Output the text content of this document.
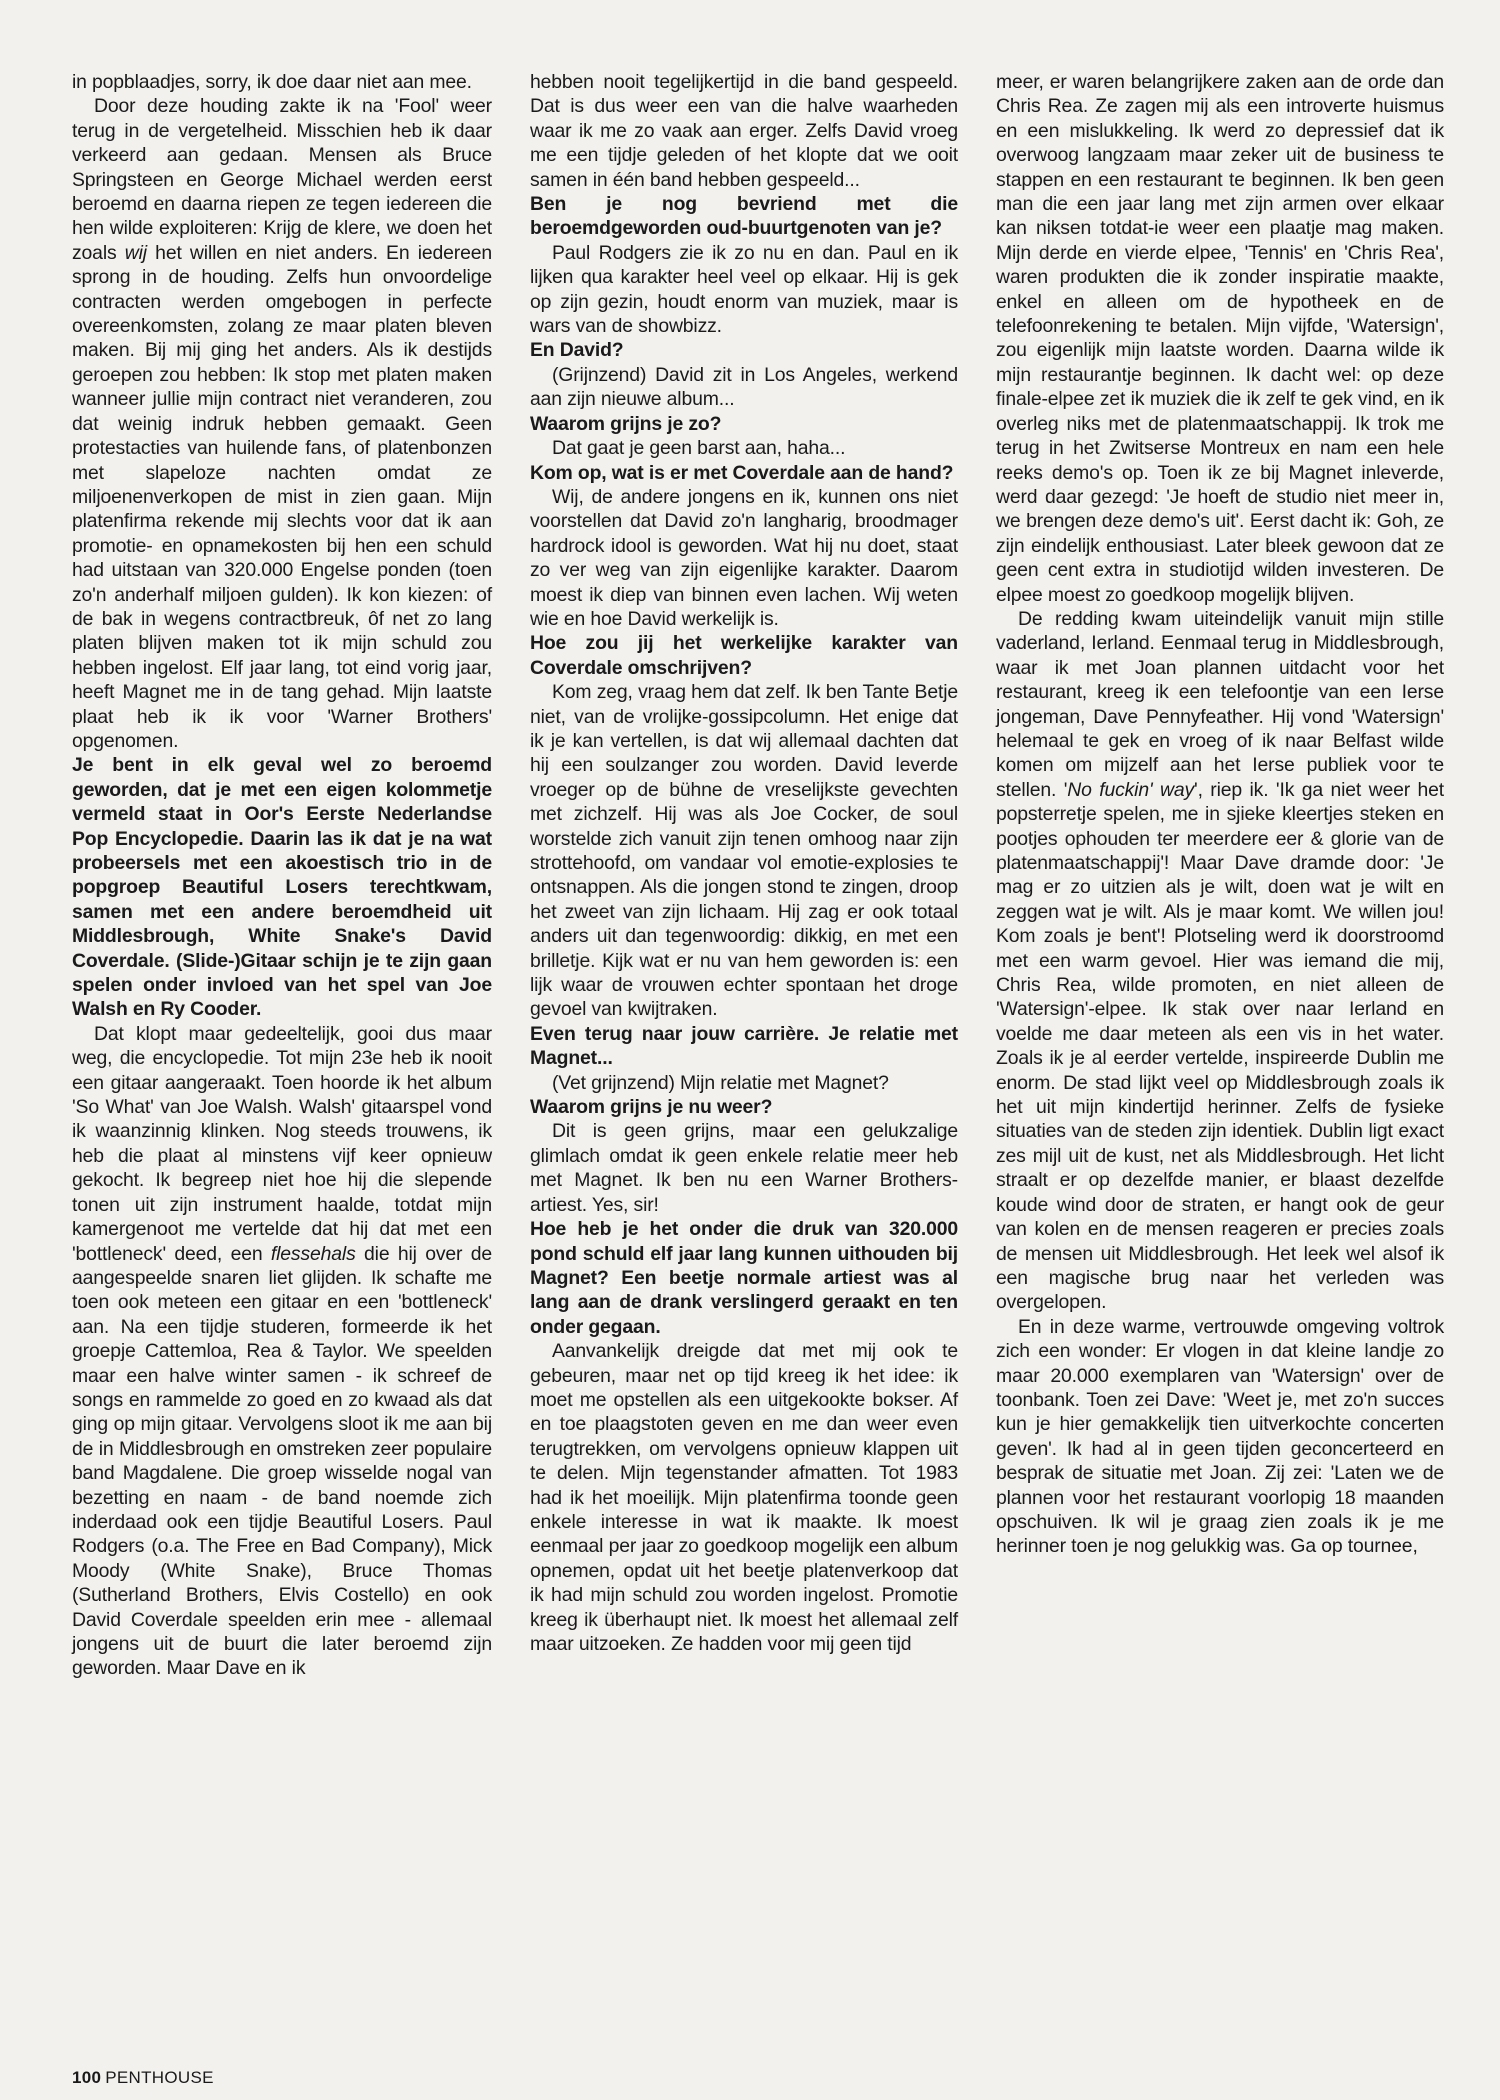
in popblaadjes, sorry, ik doe daar niet aan mee.

Door deze houding zakte ik na 'Fool' weer terug in de vergetelheid. Misschien heb ik daar verkeerd aan gedaan. Mensen als Bruce Springsteen en George Michael werden eerst beroemd en daarna riepen ze tegen iedereen die hen wilde exploiteren: Krijg de klere, we doen het zoals wij het willen en niet anders. En iedereen sprong in de houding. Zelfs hun onvoordelige contracten werden omgebogen in perfecte overeenkomsten, zolang ze maar platen bleven maken. Bij mij ging het anders. Als ik destijds geroepen zou hebben: Ik stop met platen maken wanneer jullie mijn contract niet veranderen, zou dat weinig indruk hebben gemaakt. Geen protestacties van huilende fans, of platenbonzen met slapeloze nachten omdat ze miljoenenverkopen de mist in zien gaan. Mijn platenfirma rekende mij slechts voor dat ik aan promotie- en opnamekosten bij hen een schuld had uitstaan van 320.000 Engelse ponden (toen zo'n anderhalf miljoen gulden). Ik kon kiezen: of de bak in wegens contractbreuk, ôf net zo lang platen blijven maken tot ik mijn schuld zou hebben ingelost. Elf jaar lang, tot eind vorig jaar, heeft Magnet me in de tang gehad. Mijn laatste plaat heb ik ik voor 'Warner Brothers' opgenomen.

Je bent in elk geval wel zo beroemd geworden, dat je met een eigen kolommetje vermeld staat in Oor's Eerste Nederlandse Pop Encyclopedie. Daarin las ik dat je na wat probeersels met een akoestisch trio in de popgroep Beautiful Losers terechtkwam, samen met een andere beroemdheid uit Middlesbrough, White Snake's David Coverdale. (Slide-)Gitaar schijn je te zijn gaan spelen onder invloed van het spel van Joe Walsh en Ry Cooder.

Dat klopt maar gedeeltelijk, gooi dus maar weg, die encyclopedie. Tot mijn 23e heb ik nooit een gitaar aangeraakt. Toen hoorde ik het album 'So What' van Joe Walsh. Walsh' gitaarspel vond ik waanzinnig klinken. Nog steeds trouwens, ik heb die plaat al minstens vijf keer opnieuw gekocht. Ik begreep niet hoe hij die slepende tonen uit zijn instrument haalde, totdat mijn kamergenoot me vertelde dat hij dat met een 'bottleneck' deed, een flessehals die hij over de aangespeelde snaren liet glijden. Ik schafte me toen ook meteen een gitaar en een 'bottleneck' aan. Na een tijdje studeren, formeerde ik het groepje Cattemloa, Rea & Taylor. We speelden maar een halve winter samen - ik schreef de songs en rammelde zo goed en zo kwaad als dat ging op mijn gitaar. Vervolgens sloot ik me aan bij de in Middlesbrough en omstreken zeer populaire band Magdalene. Die groep wisselde nogal van bezetting en naam - de band noemde zich inderdaad ook een tijdje Beautiful Losers. Paul Rodgers (o.a. The Free en Bad Company), Mick Moody (White Snake), Bruce Thomas (Sutherland Brothers, Elvis Costello) en ook David Coverdale speelden erin mee - allemaal jongens uit de buurt die later beroemd zijn geworden. Maar Dave en ik

hebben nooit tegelijkertijd in die band gespeeld. Dat is dus weer een van die halve waarheden waar ik me zo vaak aan erger. Zelfs David vroeg me een tijdje geleden of het klopte dat we ooit samen in één band hebben gespeeld...

Ben je nog bevriend met die beroemdgeworden oud-buurtgenoten van je?

Paul Rodgers zie ik zo nu en dan. Paul en ik lijken qua karakter heel veel op elkaar. Hij is gek op zijn gezin, houdt enorm van muziek, maar is wars van de showbizz.

En David?

(Grijnzend) David zit in Los Angeles, werkend aan zijn nieuwe album...

Waarom grijns je zo?

Dat gaat je geen barst aan, haha...

Kom op, wat is er met Coverdale aan de hand?

Wij, de andere jongens en ik, kunnen ons niet voorstellen dat David zo'n langharig, broodmager hardrock idool is geworden. Wat hij nu doet, staat zo ver weg van zijn eigenlijke karakter. Daarom moest ik diep van binnen even lachen. Wij weten wie en hoe David werkelijk is.

Hoe zou jij het werkelijke karakter van Coverdale omschrijven?

Kom zeg, vraag hem dat zelf. Ik ben Tante Betje niet, van de vrolijke-gossipcolumn. Het enige dat ik je kan vertellen, is dat wij allemaal dachten dat hij een soulzanger zou worden. David leverde vroeger op de bühne de vreselijkste gevechten met zichzelf. Hij was als Joe Cocker, de soul worstelde zich vanuit zijn tenen omhoog naar zijn strottehoofd, om vandaar vol emotie-explosies te ontsnappen. Als die jongen stond te zingen, droop het zweet van zijn lichaam. Hij zag er ook totaal anders uit dan tegenwoordig: dikkig, en met een brilletje. Kijk wat er nu van hem geworden is: een lijk waar de vrouwen echter spontaan het droge gevoel van kwijtraken.

Even terug naar jouw carrière. Je relatie met Magnet...

(Vet grijnzend) Mijn relatie met Magnet?

Waarom grijns je nu weer?

Dit is geen grijns, maar een gelukzalige glimlach omdat ik geen enkele relatie meer heb met Magnet. Ik ben nu een Warner Brothers-artiest. Yes, sir!

Hoe heb je het onder die druk van 320.000 pond schuld elf jaar lang kunnen uithouden bij Magnet? Een beetje normale artiest was al lang aan de drank verslingerd geraakt en ten onder gegaan.

Aanvankelijk dreigde dat met mij ook te gebeuren, maar net op tijd kreeg ik het idee: ik moet me opstellen als een uitgekookte bokser. Af en toe plaagstoten geven en me dan weer even terugtrekken, om vervolgens opnieuw klappen uit te delen. Mijn tegenstander afmatten. Tot 1983 had ik het moeilijk. Mijn platenfirma toonde geen enkele interesse in wat ik maakte. Ik moest eenmaal per jaar zo goedkoop mogelijk een album opnemen, opdat uit het beetje platenverkoop dat ik had mijn schuld zou worden ingelost. Promotie kreeg ik überhaupt niet. Ik moest het allemaal zelf maar uitzoeken. Ze hadden voor mij geen tijd

meer, er waren belangrijkere zaken aan de orde dan Chris Rea. Ze zagen mij als een introverte huismus en een mislukkeling. Ik werd zo depressief dat ik overwoog langzaam maar zeker uit de business te stappen en een restaurant te beginnen. Ik ben geen man die een jaar lang met zijn armen over elkaar kan niksen totdat-ie weer een plaatje mag maken. Mijn derde en vierde elpee, 'Tennis' en 'Chris Rea', waren produkten die ik zonder inspiratie maakte, enkel en alleen om de hypotheek en de telefoonrekening te betalen. Mijn vijfde, 'Watersign', zou eigenlijk mijn laatste worden. Daarna wilde ik mijn restaurantje beginnen. Ik dacht wel: op deze finale-elpee zet ik muziek die ik zelf te gek vind, en ik overleg niks met de platenmaatschappij. Ik trok me terug in het Zwitserse Montreux en nam een hele reeks demo's op. Toen ik ze bij Magnet inleverde, werd daar gezegd: 'Je hoeft de studio niet meer in, we brengen deze demo's uit'. Eerst dacht ik: Goh, ze zijn eindelijk enthousiast. Later bleek gewoon dat ze geen cent extra in studiotijd wilden investeren. De elpee moest zo goedkoop mogelijk blijven.

De redding kwam uiteindelijk vanuit mijn stille vaderland, Ierland. Eenmaal terug in Middlesbrough, waar ik met Joan plannen uitdacht voor het restaurant, kreeg ik een telefoontje van een Ierse jongeman, Dave Pennyfeather. Hij vond 'Watersign' helemaal te gek en vroeg of ik naar Belfast wilde komen om mijzelf aan het Ierse publiek voor te stellen. 'No fuckin' way', riep ik. 'Ik ga niet weer het popsterretje spelen, me in sjieke kleertjes steken en pootjes ophouden ter meerdere eer & glorie van de platenmaatschappij'! Maar Dave dramde door: 'Je mag er zo uitzien als je wilt, doen wat je wilt en zeggen wat je wilt. Als je maar komt. We willen jou! Kom zoals je bent'! Plotseling werd ik doorstroomd met een warm gevoel. Hier was iemand die mij, Chris Rea, wilde promoten, en niet alleen de 'Watersign'-elpee. Ik stak over naar Ierland en voelde me daar meteen als een vis in het water. Zoals ik je al eerder vertelde, inspireerde Dublin me enorm. De stad lijkt veel op Middlesbrough zoals ik het uit mijn kindertijd herinner. Zelfs de fysieke situaties van de steden zijn identiek. Dublin ligt exact zes mijl uit de kust, net als Middlesbrough. Het licht straalt er op dezelfde manier, er blaast dezelfde koude wind door de straten, er hangt ook de geur van kolen en de mensen reageren er precies zoals de mensen uit Middlesbrough. Het leek wel alsof ik een magische brug naar het verleden was overgelopen.

En in deze warme, vertrouwde omgeving voltrok zich een wonder: Er vlogen in dat kleine landje zo maar 20.000 exemplaren van 'Watersign' over de toonbank. Toen zei Dave: 'Weet je, met zo'n succes kun je hier gemakkelijk tien uitverkochte concerten geven'. Ik had al in geen tijden geconcerteerd en besprak de situatie met Joan. Zij zei: 'Laten we de plannen voor het restaurant voorlopig 18 maanden opschuiven. Ik wil je graag zien zoals ik je me herinner toen je nog gelukkig was. Ga op tournee,

100 PENTHOUSE
